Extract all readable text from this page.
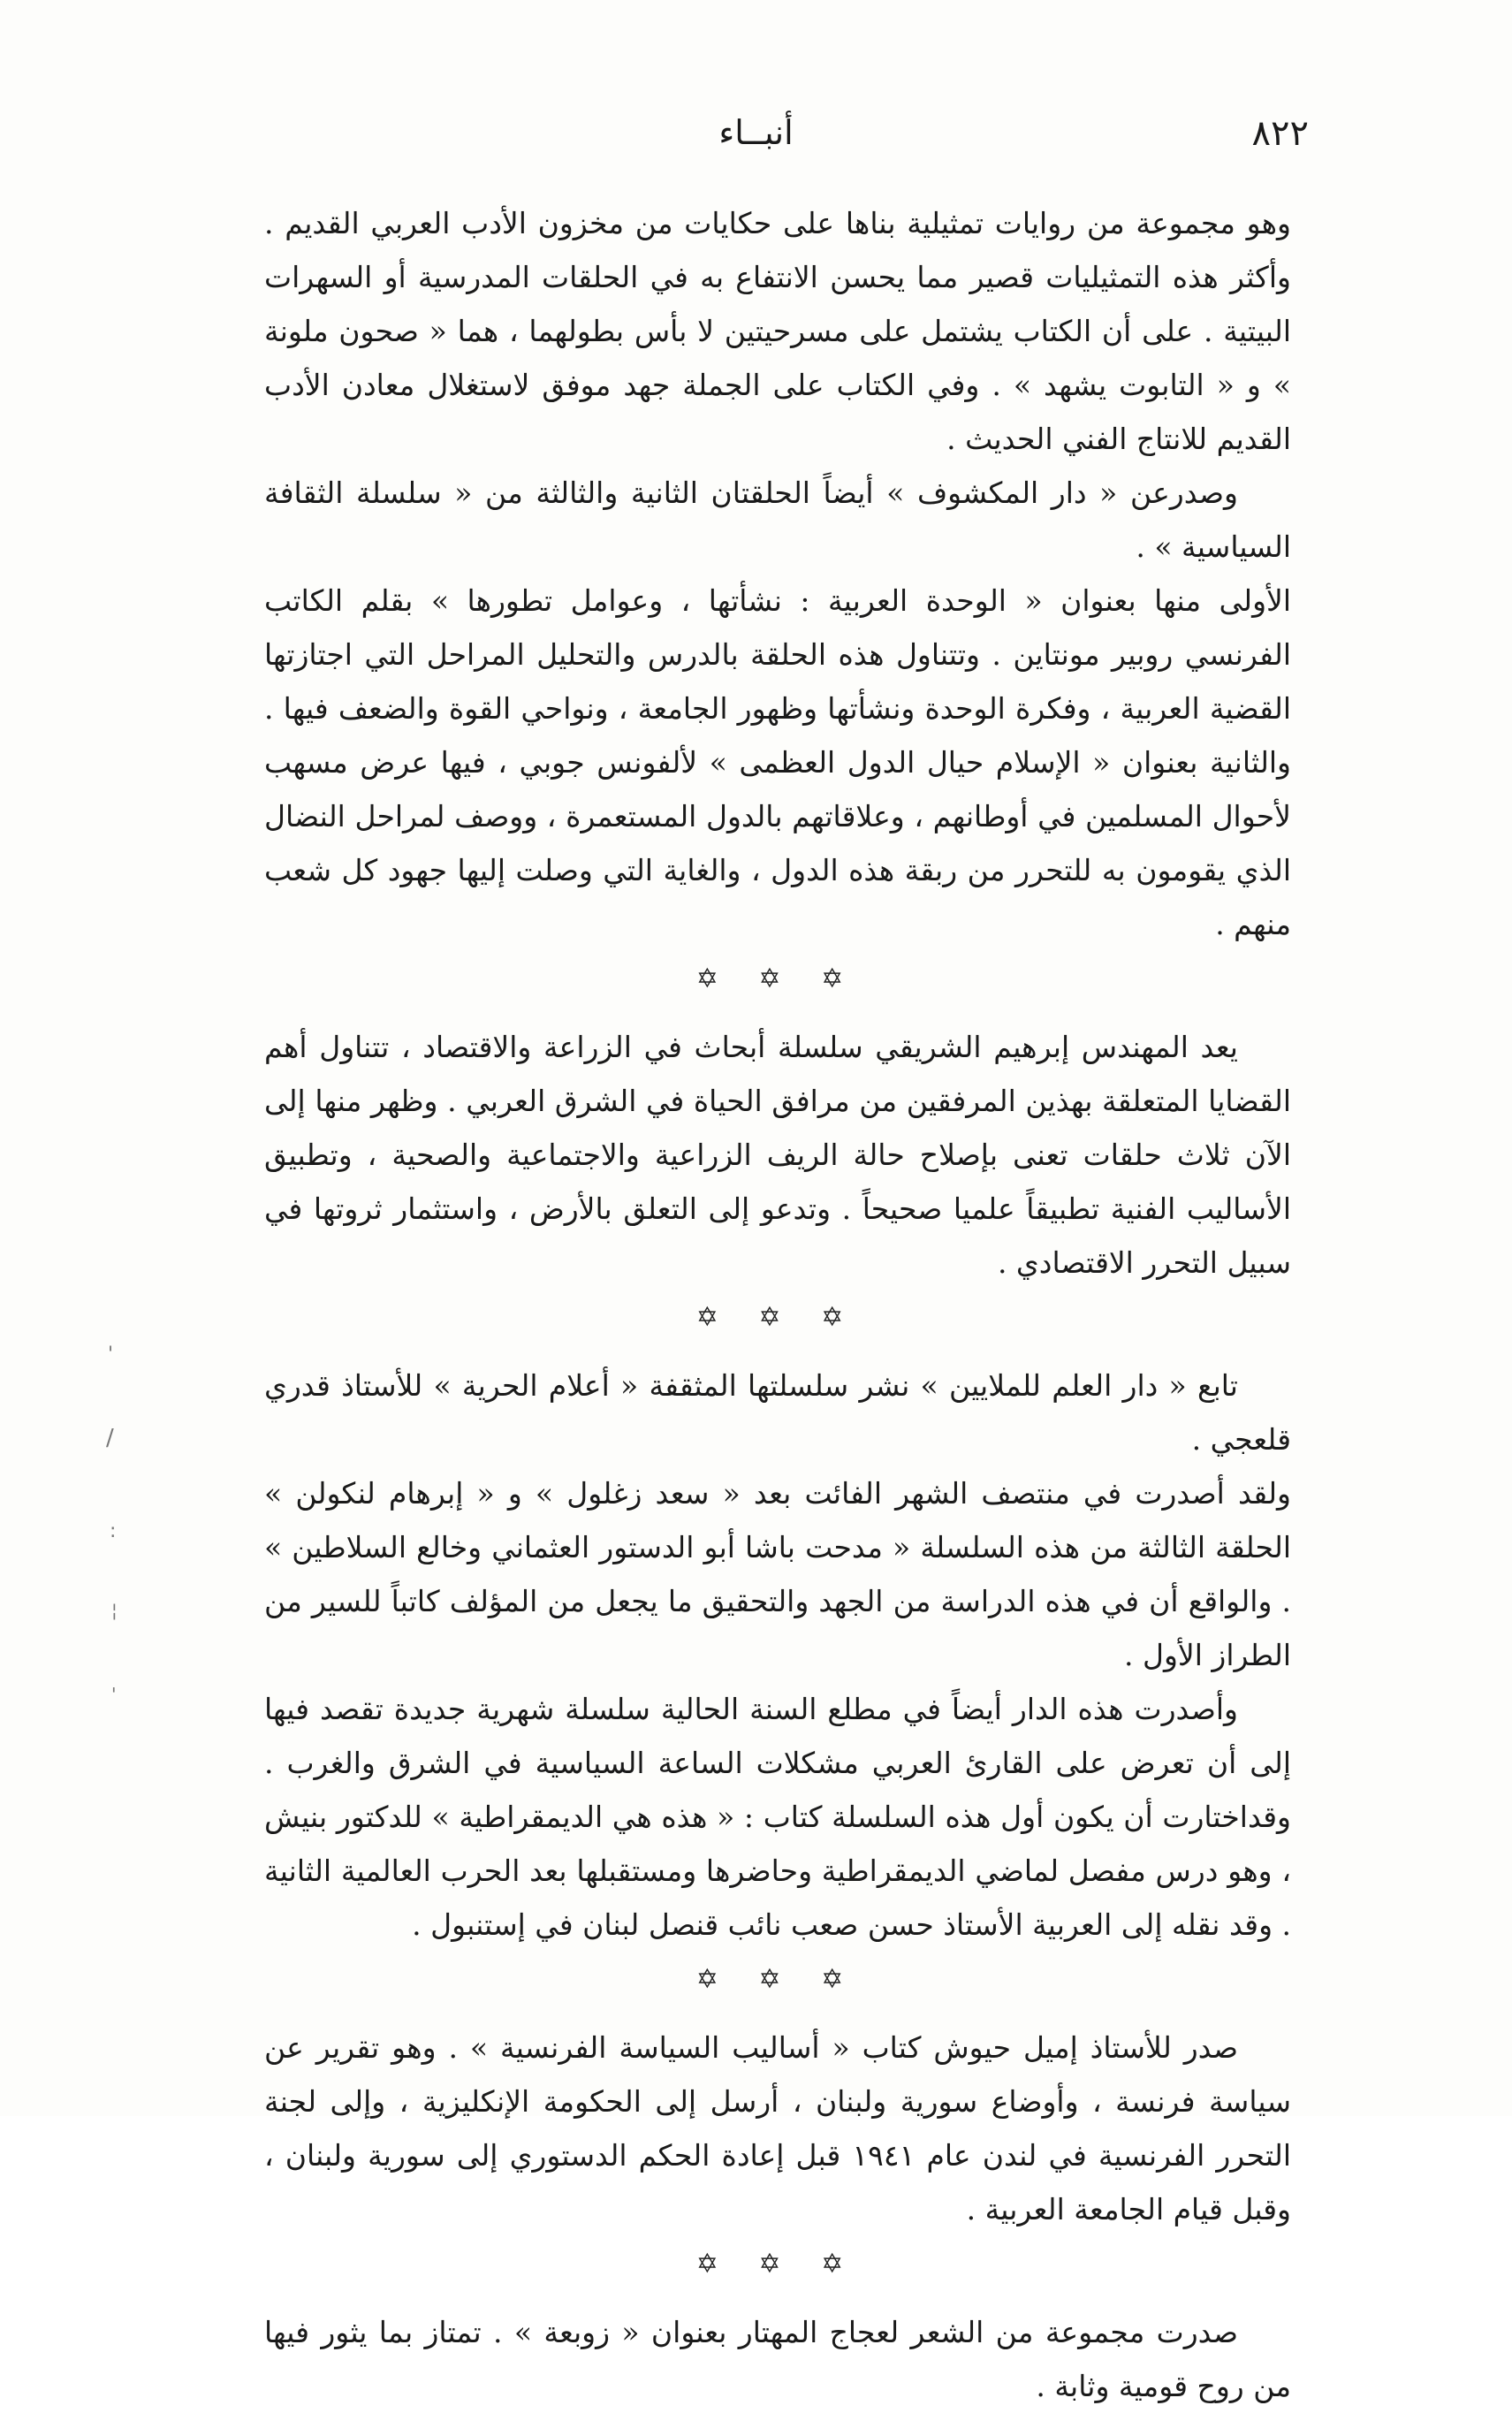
٨٢٢
أنبــاء

وهو مجموعة من روايات تمثيلية بناها على حكايات من مخزون الأدب العربي القديم . وأكثر هذه التمثيليات قصير مما يحسن الانتفاع به في الحلقات المدرسية أو السهرات البيتية . على أن الكتاب يشتمل على مسرحيتين لا بأس بطولهما ، هما « صحون ملونة » و « التابوت يشهد » . وفي الكتاب على الجملة جهد موفق لاستغلال معادن الأدب القديم للانتاج الفني الحديث .

وصدرعن « دار المكشوف » أيضاً الحلقتان الثانية والثالثة من « سلسلة الثقافة السياسية » .

الأولى منها بعنوان « الوحدة العربية : نشأتها ، وعوامل تطورها » بقلم الكاتب الفرنسي روبير مونتاين . وتتناول هذه الحلقة بالدرس والتحليل المراحل التي اجتازتها القضية العربية ، وفكرة الوحدة ونشأتها وظهور الجامعة ، ونواحي القوة والضعف فيها . والثانية بعنوان « الإسلام حيال الدول العظمى » لألفونس جوبي ، فيها عرض مسهب لأحوال المسلمين في أوطانهم ، وعلاقاتهم بالدول المستعمرة ، ووصف لمراحل النضال الذي يقومون به للتحرر من ربقة هذه الدول ، والغاية التي وصلت إليها جهود كل شعب منهم .

✡ ✡ ✡

يعد المهندس إبرهيم الشريقي سلسلة أبحاث في الزراعة والاقتصاد ، تتناول أهم القضايا المتعلقة بهذين المرفقين من مرافق الحياة في الشرق العربي . وظهر منها إلى الآن ثلاث حلقات تعنى بإصلاح حالة الريف الزراعية والاجتماعية والصحية ، وتطبيق الأساليب الفنية تطبيقاً علميا صحيحاً . وتدعو إلى التعلق بالأرض ، واستثمار ثروتها في سبيل التحرر الاقتصادي .

✡ ✡ ✡

تابع « دار العلم للملايين » نشر سلسلتها المثقفة « أعلام الحرية » للأستاذ قدري قلعجي .

ولقد أصدرت في منتصف الشهر الفائت بعد « سعد زغلول » و « إبرهام لنكولن » الحلقة الثالثة من هذه السلسلة « مدحت باشا أبو الدستور العثماني وخالع السلاطين » . والواقع أن في هذه الدراسة من الجهد والتحقيق ما يجعل من المؤلف كاتباً للسير من الطراز الأول .

وأصدرت هذه الدار أيضاً في مطلع السنة الحالية سلسلة شهرية جديدة تقصد فيها إلى أن تعرض على القارئ العربي مشكلات الساعة السياسية في الشرق والغرب . وقداختارت أن يكون أول هذه السلسلة كتاب : « هذه هي الديمقراطية » للدكتور بنيش ، وهو درس مفصل لماضي الديمقراطية وحاضرها ومستقبلها بعد الحرب العالمية الثانية . وقد نقله إلى العربية الأستاذ حسن صعب نائب قنصل لبنان في إستنبول .

✡ ✡ ✡

صدر للأستاذ إميل حيوش كتاب « أساليب السياسة الفرنسية » . وهو تقرير عن سياسة فرنسة ، وأوضاع سورية ولبنان ، أرسل إلى الحكومة الإنكليزية ، وإلى لجنة التحرر الفرنسية في لندن عام ١٩٤١ قبل إعادة الحكم الدستوري إلى سورية ولبنان ، وقبل قيام الجامعة العربية .

✡ ✡ ✡

صدرت مجموعة من الشعر لعجاج المهتار بعنوان « زوبعة » . تمتاز بما يثور فيها من روح قومية وثابة .

'
/
:
¦
'
